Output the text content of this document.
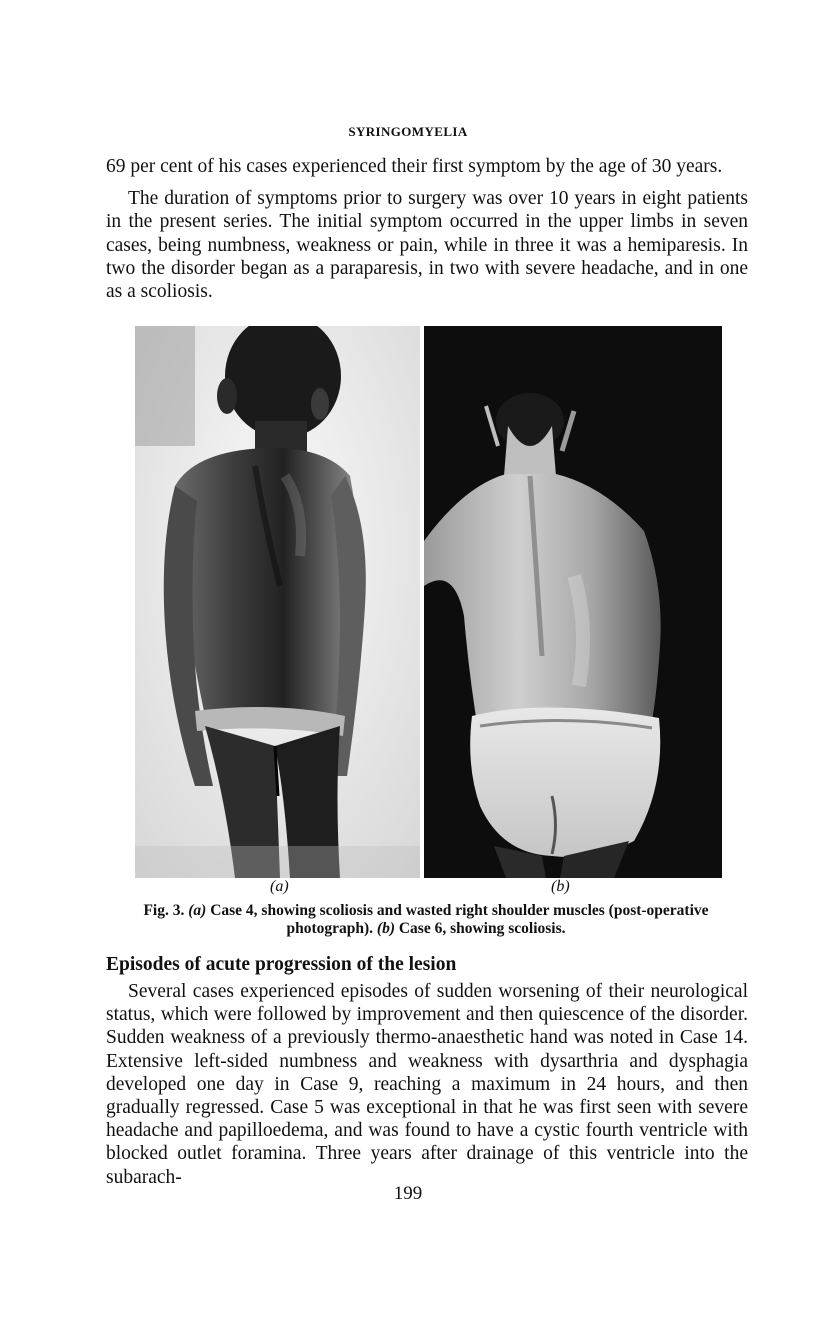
SYRINGOMYELIA

69 per cent of his cases experienced their first symptom by the age of 30 years.

The duration of symptoms prior to surgery was over 10 years in eight patients in the present series. The initial symptom occurred in the upper limbs in seven cases, being numbness, weakness or pain, while in three it was a hemiparesis. In two the disorder began as a paraparesis, in two with severe headache, and in one as a scoliosis.

(a)	(b)
Fig. 3. (a) Case 4, showing scoliosis and wasted right shoulder muscles (post-operative photograph). (b) Case 6, showing scoliosis.
Episodes of acute progression of the lesion

Several cases experienced episodes of sudden worsening of their neurological status, which were followed by improvement and then quiescence of the disorder. Sudden weakness of a previously thermo-anaesthetic hand was noted in Case 14. Extensive left-sided numbness and weakness with dysarthria and dysphagia developed one day in Case 9, reaching a maximum in 24 hours, and then gradually regressed. Case 5 was exceptional in that he was first seen with severe headache and papilloedema, and was found to have a cystic fourth ventricle with blocked outlet foramina. Three years after drainage of this ventricle into the subarach-

199
